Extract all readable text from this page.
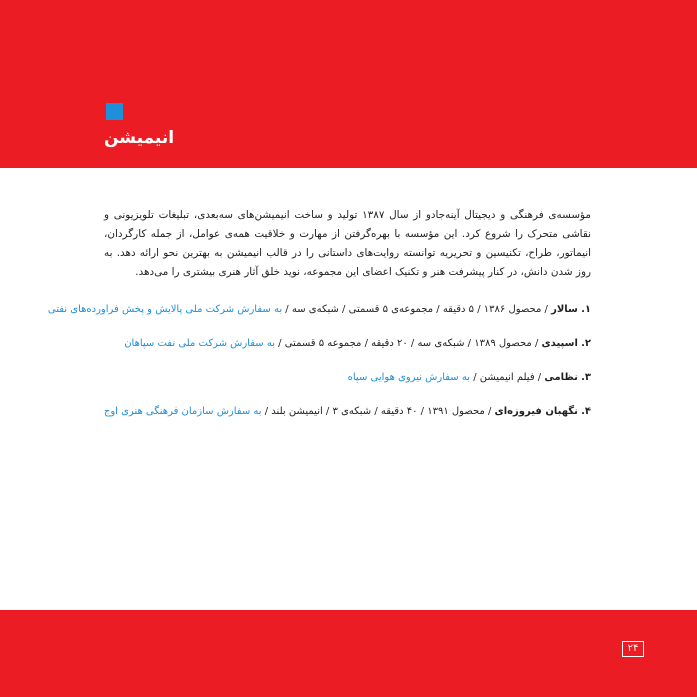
انیمیشن

مؤسسه‌ی فرهنگی و دیجیتال آینه‌جادو از سال ۱۳۸۷ تولید و ساخت انیمیشن‌های سه‌بعدی، تبلیغات تلویزیونی و نقاشی متحرک را شروع کرد. این مؤسسه با بهره‌گرفتن از مهارت و خلاقیت همه‌ی عوامل، از جمله کارگردان، انیماتور، طراح، تکنیسین و تحریریه توانسته روایت‌های داستانی را در قالب انیمیشن به بهترین نحو ارائه دهد. به روز شدن دانش، در کنار پیشرفت هنر و تکنیک اعضای این مجموعه، نوید خلق آثار هنری بیشتری را می‌دهد.

۱. سالار / محصول ۱۳۸۶ / ۵ دقیقه / مجموعه‌ی ۵ قسمتی / شبکه‌ی سه / به سفارش شرکت ملی پالایش و پخش فراورده‌های نفتی

۲. اسپیدی / محصول ۱۳۸۹ / شبکه‌ی سه / ۲۰ دقیقه / مجموعه ۵ قسمتی / به سفارش شرکت ملی نفت سپاهان

۳. نظامی / فیلم انیمیشن / به سفارش نیروی هوایی سپاه

۴. نگهبان فیروزه‌ای / محصول ۱۳۹۱ / ۴۰ دقیقه / شبکه‌ی ۳ / انیمیشن بلند / به سفارش سازمان فرهنگی هنری اوج

۲۴
